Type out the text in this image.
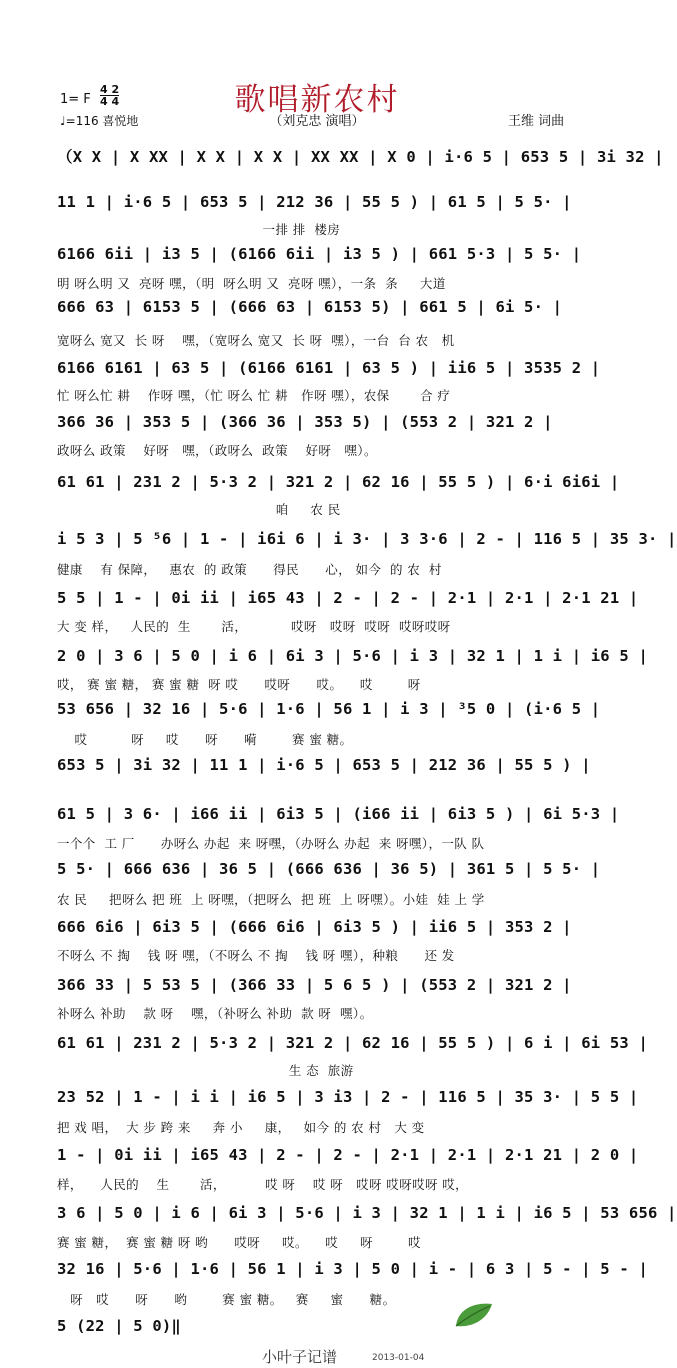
歌唱新农村
（刘克忠 演唱）
1= F
4 2
4 4
♩=116 喜悦地	王维 词曲
（X X | X XX | X X | X X | XX XX | X 0 | i·6 5 | 653 5 | 3i 32 |
11 1 | i·6 5 | 653 5 | 212 36 | 55 5 ) | 61 5 | 5 5· |
6166 6ii | i3 5 | (6166 6ii | i3 5 ) | 661 5·3 | 5 5· |
666 63 | 6153 5 | (666 63 | 6153 5) | 661 5 | 6i 5· |
6166 6161 | 63 5 | (6166 6161 | 63 5 ) | ii6 5 | 3535 2 |
366 36 | 353 5 | (366 36 | 353 5) | (553 2 | 321 2 |
61 61 | 231 2 | 5·3 2 | 321 2 | 62 16 | 55 5 ) | 6·i 6i6i |
i 5 3 | 5 ⁵6 | 1 - | i6i 6 | i 3· | 3 3·6 | 2 - | 116 5 | 35 3· |
5 5 | 1 - | 0i ii | i65 43 | 2 - | 2 - | 2·1 | 2·1 | 2·1 21 |
2 0 | 3 6 | 5 0 | i 6 | 6i 3 | 5·6 | i 3 | 32 1 | 1 i | i6 5 |
53 656 | 32 16 | 5·6 | 1·6 | 56 1 | i 3 | ³5 0 | (i·6 5 |
653 5 | 3i 32 | 11 1 | i·6 5 | 653 5 | 212 36 | 55 5 ) |
61 5 | 3 6· | i66 ii | 6i3 5 | (i66 ii | 6i3 5 ) | 6i 5·3 |
5 5· | 666 636 | 36 5 | (666 636 | 36 5) | 361 5 | 5 5· |
666 6i6 | 6i3 5 | (666 6i6 | 6i3 5 ) | ii6 5 | 353 2 |
366 33 | 5 53 5 | (366 33 | 5 6 5 ) | (553 2 | 321 2 |
61 61 | 231 2 | 5·3 2 | 321 2 | 62 16 | 55 5 ) | 6 i | 6i 53 |
23 52 | 1 - | i i | i6 5 | 3 i3 | 2 - | 116 5 | 35 3· | 5 5 |
1 - | 0i ii | i65 43 | 2 - | 2 - | 2·1 | 2·1 | 2·1 21 | 2 0 |
3 6 | 5 0 | i 6 | 6i 3 | 5·6 | i 3 | 32 1 | 1 i | i6 5 | 53 656 |
32 16 | 5·6 | 1·6 | 56 1 | i 3 | 5 0 | i - | 6 3 | 5 - | 5 - |
5 (22 | 5 0)‖
一排 排  楼房
明 呀么明 又  亮呀 嘿，（明  呀么明 又  亮呀 嘿），一条  条     大道
宽呀么 宽又  长 呀    嘿，（宽呀么 宽又  长 呀  嘿），一台  台 农   机
忙 呀么忙 耕    作呀 嘿，（忙 呀么 忙 耕   作呀 嘿），农保       合 疗
政呀么 政策    好呀   嘿，（政呀么  政策    好呀   嘿）。
咱     农 民
健康    有 保障，   惠农  的 政策      得民      心， 如今  的 农  村
大 变 样，   人民的  生       活，          哎呀   哎呀  哎呀  哎呀哎呀
哎， 赛 蜜 糖， 赛 蜜 糖  呀 哎      哎呀      哎。    哎        呀
哎          呀     哎      呀      嗬        赛 蜜 糖。
一个个  工 厂      办呀么 办起  来 呀嘿，（办呀么 办起  来 呀嘿），一队 队
农 民     把呀么 把 班  上 呀嘿，（把呀么  把 班  上 呀嘿）。小娃  娃 上 学
不呀么 不 掏    钱 呀 嘿，（不呀么 不 掏    钱 呀 嘿），种粮      还 发
补呀么 补助    款 呀    嘿，（补呀么 补助  款 呀  嘿）。
生 态  旅游
把 戏 唱，  大 步 跨 来     奔 小     康，   如今 的 农 村   大 变
样，    人民的    生       活，         哎 呀    哎 呀   哎呀 哎呀哎呀 哎，
赛 蜜 糖，  赛 蜜 糖 呀 哟      哎呀     哎。    哎     呀        哎
呀   哎      呀      哟        赛 蜜 糖。   赛     蜜      糖。
小叶子记谱	2013-01-04
